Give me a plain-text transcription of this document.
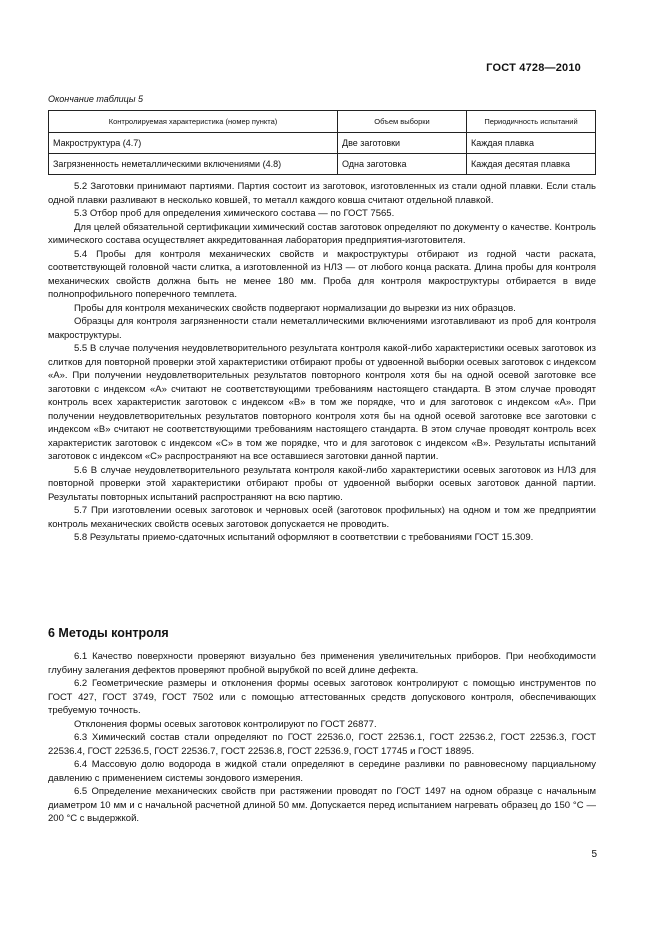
ГОСТ 4728—2010
Окончание таблицы 5
Контролируемая характеристика (номер пункта)	Объем выборки	Периодичность испытаний
Макроструктура (4.7)	Две заготовки	Каждая плавка
Загрязненность неметаллическими включениями (4.8)	Одна заготовка	Каждая десятая плавка

5.2 Заготовки принимают партиями. Партия состоит из заготовок, изготовленных из стали одной плавки. Если сталь одной плавки разливают в несколько ковшей, то металл каждого ковша считают отдельной плавкой.

5.3 Отбор проб для определения химического состава — по ГОСТ 7565.

Для целей обязательной сертификации химический состав заготовок определяют по документу о качестве. Контроль химического состава осуществляет аккредитованная лаборатория предприятия-изготовителя.

5.4 Пробы для контроля механических свойств и макроструктуры отбирают из годной части раската, соответствующей головной части слитка, а изготовленной из НЛЗ — от любого конца раската. Длина пробы для контроля механических свойств должна быть не менее 180 мм. Проба для контроля макроструктуры отбирается в виде полнопрофильного поперечного темплета.

Пробы для контроля механических свойств подвергают нормализации до вырезки из них образцов.

Образцы для контроля загрязненности стали неметаллическими включениями изготавливают из проб для контроля макроструктуры.

5.5 В случае получения неудовлетворительного результата контроля какой-либо характеристики осевых заготовок из слитков для повторной проверки этой характеристики отбирают пробы от удвоенной выборки осевых заготовок с индексом «А». При получении неудовлетворительных результатов повторного контроля хотя бы на одной осевой заготовке все заготовки с индексом «А» считают не соответствующими требованиям настоящего стандарта. В этом случае проводят контроль всех характеристик заготовок с индексом «В» в том же порядке, что и для заготовок с индексом «А». При получении неудовлетворительных результатов повторного контроля хотя бы на одной осевой заготовке все заготовки с индексом «В» считают не соответствующими требованиям настоящего стандарта. В этом случае проводят контроль всех характеристик заготовок с индексом «С» в том же порядке, что и для заготовок с индексом «В». Результаты испытаний заготовок с индексом «С» распространяют на все оставшиеся заготовки данной партии.

5.6 В случае неудовлетворительного результата контроля какой-либо характеристики осевых заготовок из НЛЗ для повторной проверки этой характеристики отбирают пробы от удвоенной выборки осевых заготовок данной партии. Результаты повторных испытаний распространяют на всю партию.

5.7 При изготовлении осевых заготовок и черновых осей (заготовок профильных) на одном и том же предприятии контроль механических свойств осевых заготовок допускается не проводить.

5.8 Результаты приемо-сдаточных испытаний оформляют в соответствии с требованиями ГОСТ 15.309.

6 Методы контроля

6.1 Качество поверхности проверяют визуально без применения увеличительных приборов. При необходимости глубину залегания дефектов проверяют пробной вырубкой по всей длине дефекта.

6.2 Геометрические размеры и отклонения формы осевых заготовок контролируют с помощью инструментов по ГОСТ 427, ГОСТ 3749, ГОСТ 7502 или с помощью аттестованных средств допускового контроля, обеспечивающих требуемую точность.

Отклонения формы осевых заготовок контролируют по ГОСТ 26877.

6.3 Химический состав стали определяют по ГОСТ 22536.0, ГОСТ 22536.1, ГОСТ 22536.2, ГОСТ 22536.3, ГОСТ 22536.4, ГОСТ 22536.5, ГОСТ 22536.7, ГОСТ 22536.8, ГОСТ 22536.9, ГОСТ 17745 и ГОСТ 18895.

6.4 Массовую долю водорода в жидкой стали определяют в середине разливки по равновесному парциальному давлению с применением системы зондового измерения.

6.5 Определение механических свойств при растяжении проводят по ГОСТ 1497 на одном образце с начальным диаметром 10 мм и с начальной расчетной длиной 50 мм. Допускается перед испытанием нагревать образец до 150 °С — 200 °С с выдержкой.

5
